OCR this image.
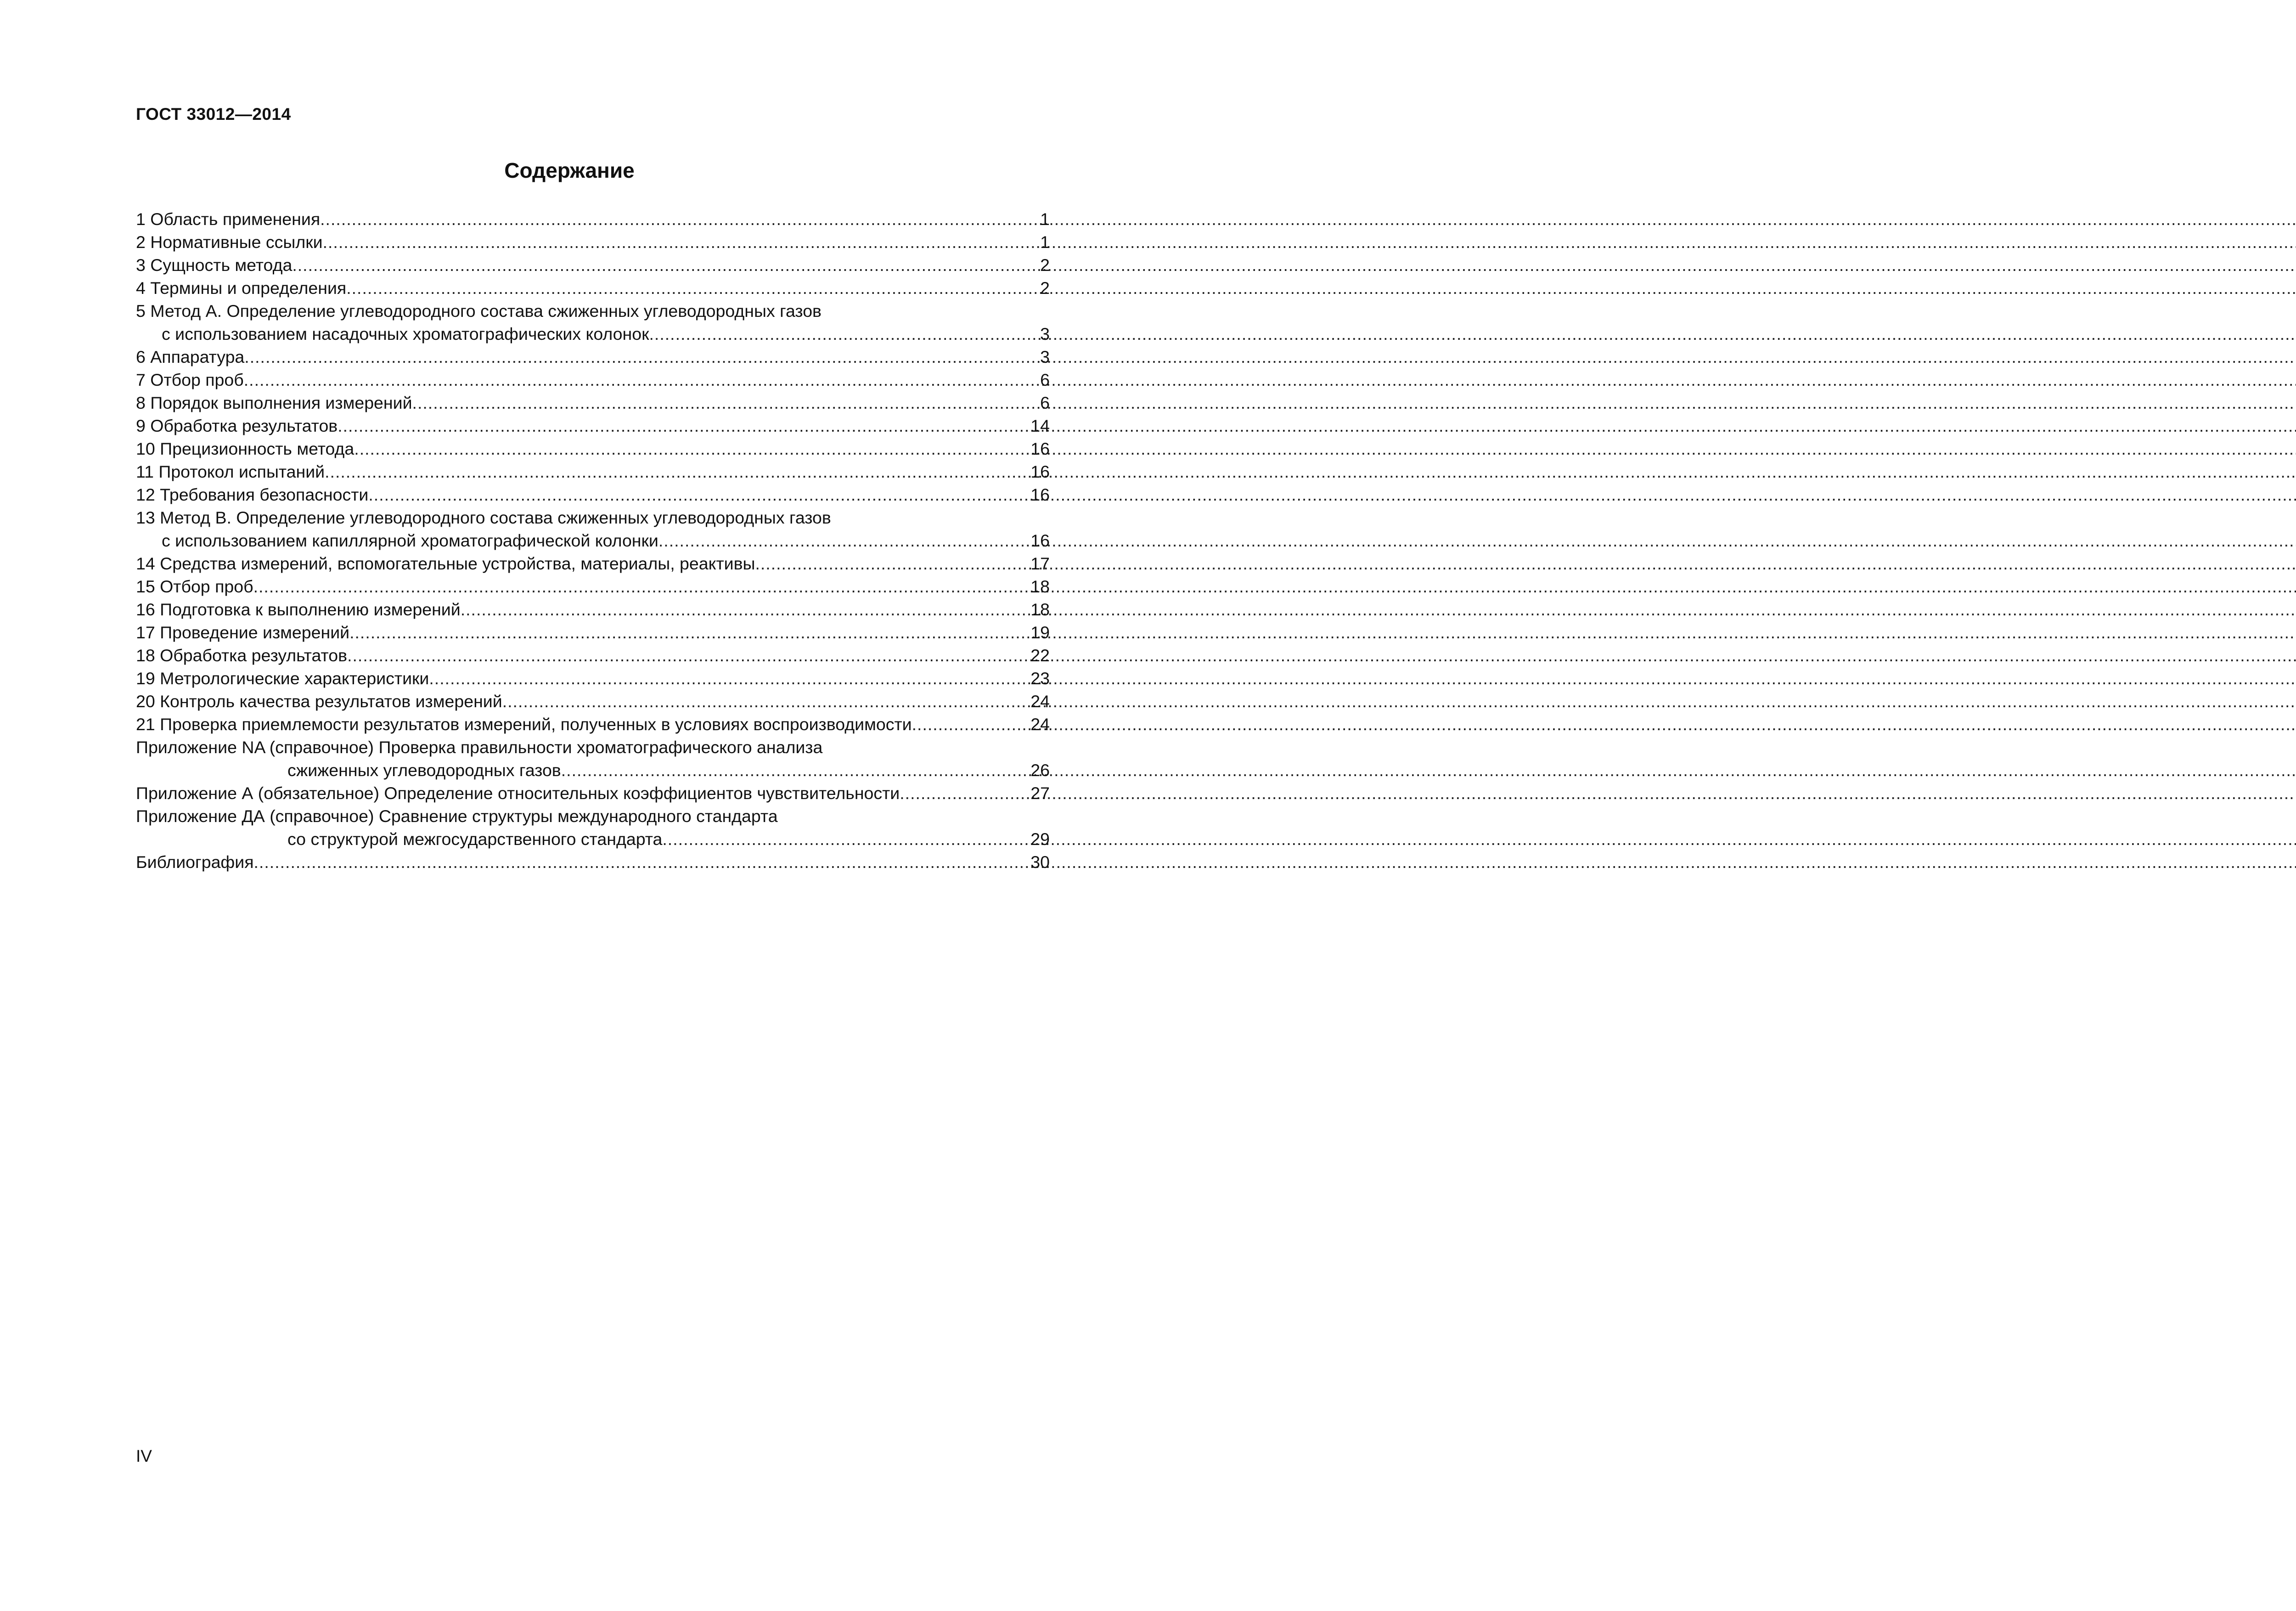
ГОСТ 33012—2014
Содержание
1 Область применения .....	1
2 Нормативные ссылки .....	1
3 Сущность метода .....	2
4 Термины и определения .....	2
5 Метод А. Определение углеводородного состава сжиженных углеводородных газов
с использованием насадочных хроматографических колонок .....	3
6 Аппаратура .....	3
7 Отбор проб .....	6
8 Порядок выполнения измерений .....	6
9 Обработка результатов .....	14
10 Прецизионность метода .....	16
11 Протокол испытаний .....	16
12 Требования безопасности .....	16
13 Метод В. Определение углеводородного состава сжиженных углеводородных газов
с использованием капиллярной хроматографической колонки .....	16
14 Средства измерений, вспомогательные устройства, материалы, реактивы .....	17
15 Отбор проб .....	18
16 Подготовка к выполнению измерений .....	18
17 Проведение измерений .....	19
18 Обработка результатов .....	22
19 Метрологические характеристики .....	23
20 Контроль качества результатов измерений .....	24
21 Проверка приемлемости результатов измерений, полученных в условиях воспроизводимости .....	24
Приложение NA (справочное) Проверка правильности хроматографического анализа
сжиженных углеводородных газов .....	26
Приложение А (обязательное) Определение относительных коэффициентов чувствительности .....	27
Приложение ДА (справочное) Сравнение структуры международного стандарта
со структурой межгосударственного стандарта .....	29
Библиография .....	30
IV
